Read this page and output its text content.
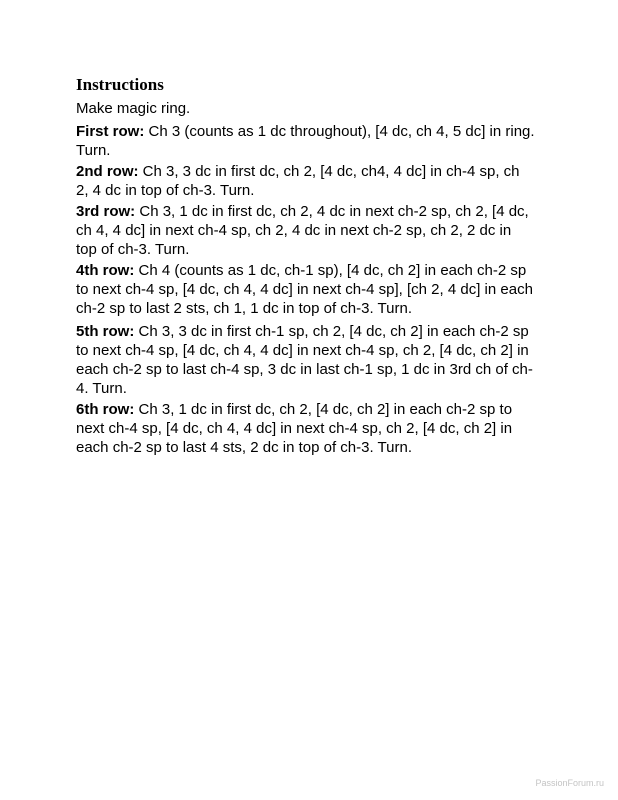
Instructions

Make magic ring.

First row: Ch 3 (counts as 1 dc throughout), [4 dc, ch 4, 5 dc] in ring.
Turn.

2nd row: Ch 3, 3 dc in first dc, ch 2, [4 dc, ch4, 4 dc] in ch-4 sp, ch
2, 4 dc in top of ch-3. Turn.

3rd row: Ch 3, 1 dc in first dc, ch 2, 4 dc in next ch-2 sp, ch 2, [4 dc,
ch 4, 4 dc] in next ch-4 sp, ch 2, 4 dc in next ch-2 sp, ch 2, 2 dc in
top of ch-3. Turn.

4th row: Ch 4 (counts as 1 dc, ch-1 sp), [4 dc, ch 2] in each ch-2 sp
to next ch-4 sp, [4 dc, ch 4, 4 dc] in next ch-4 sp], [ch 2, 4 dc] in each
ch-2 sp to last 2 sts, ch 1, 1 dc in top of ch-3. Turn.

5th row: Ch 3, 3 dc in first ch-1 sp, ch 2, [4 dc, ch 2] in each ch-2 sp
to next ch-4 sp, [4 dc, ch 4, 4 dc] in next ch-4 sp, ch 2, [4 dc, ch 2] in
each ch-2 sp to last ch-4 sp, 3 dc in last ch-1 sp, 1 dc in 3rd ch of ch-
4. Turn.

6th row: Ch 3, 1 dc in first dc, ch 2, [4 dc, ch 2] in each ch-2 sp to
next ch-4 sp, [4 dc, ch 4, 4 dc] in next ch-4 sp, ch 2, [4 dc, ch 2] in
each ch-2 sp to last 4 sts, 2 dc in top of ch-3. Turn.

PassionForum.ru
